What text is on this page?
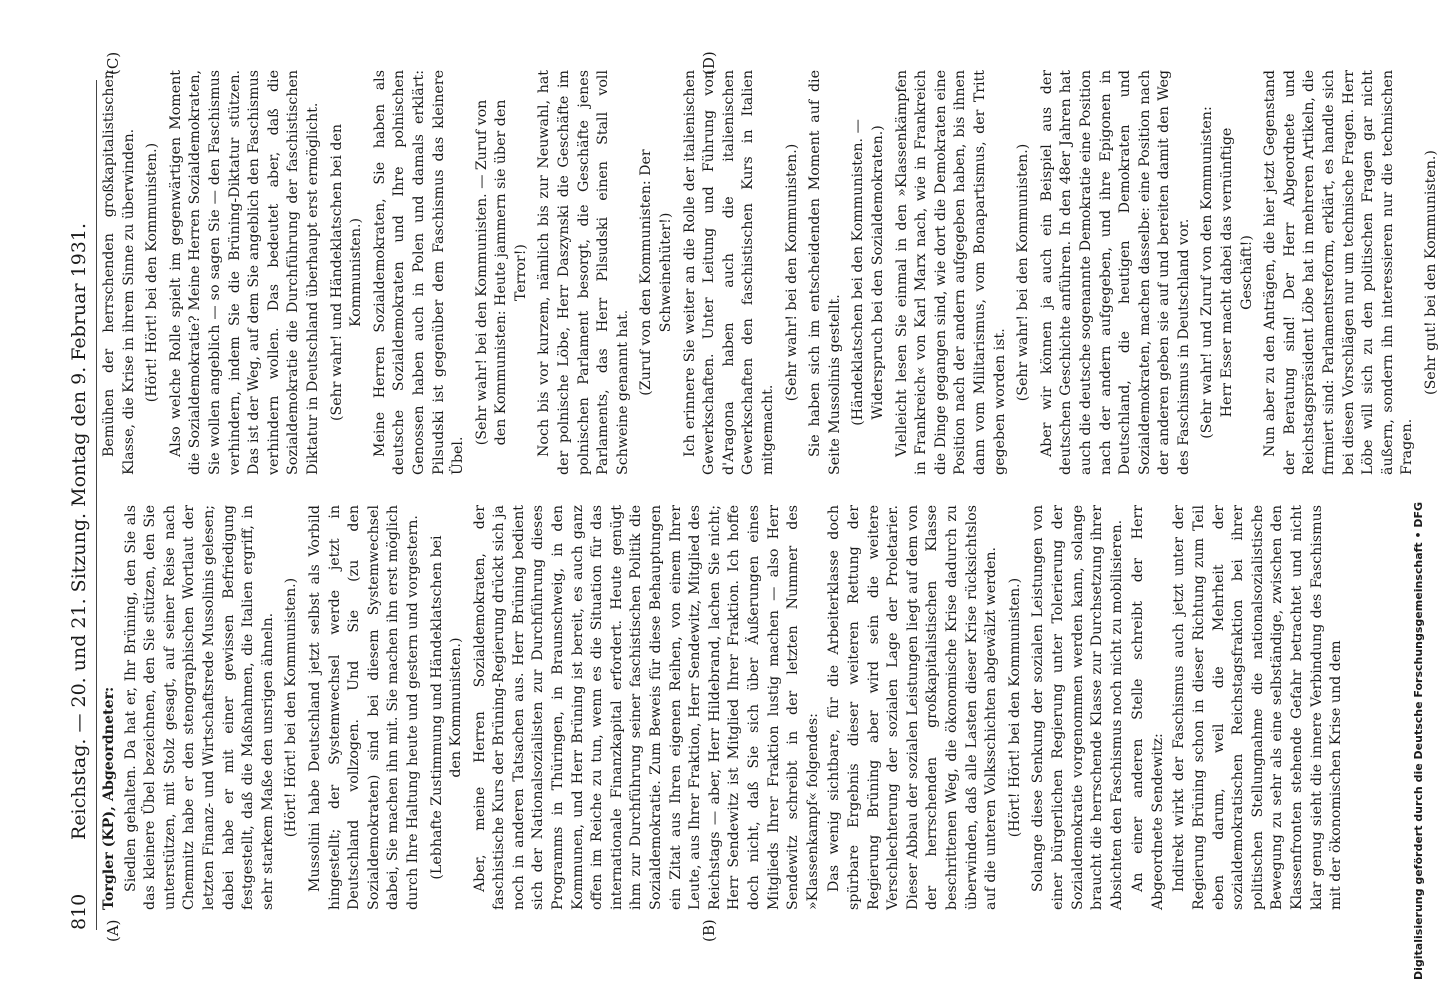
810
Reichstag. — 20. und 21. Sitzung. Montag den 9. Februar 1931.
(A)	(B)
(C)	(D)

Torgler (KP), Abgeordneter: Siedlen gehalten. Da hat er, Ihr Brüning, den Sie als das kleinere Übel bezeichnen, den Sie stützen, den Sie unterstützen, mit Stolz gesagt, auf seiner Reise nach Chemnitz habe er den stenographischen Wortlaut der letzten Finanz- und Wirtschaftsrede Mussolinis gelesen; dabei habe er mit einer gewissen Befriedigung festgestellt, daß die Maßnahmen, die Italien ergriff, in sehr starkem Maße den unsrigen ähneln. (Hört! Hört! bei den Kommunisten.) Mussolini habe Deutschland jetzt selbst als Vorbild hingestellt; der Systemwechsel werde jetzt in Deutschland vollzogen. Und Sie (zu den Sozialdemokraten) sind bei diesem Systemwechsel dabei, Sie machen ihn mit. Sie machen ihn erst möglich durch Ihre Haltung heute und gestern und vorgestern. (Lebhafte Zustimmung und Händeklatschen bei den Kommunisten.) Aber, meine Herren Sozialdemokraten, der faschistische Kurs der Brüning-Regierung drückt sich ja noch in anderen Tatsachen aus. Herr Brüning bedient sich der Nationalsozialisten zur Durchführung dieses Programms in Thüringen, in Braunschweig, in den Kommunen, und Herr Brüning ist bereit, es auch ganz offen im Reiche zu tun, wenn es die Situation für das internationale Finanzkapital erfordert. Heute genügt ihm zur Durchführung seiner faschistischen Politik die Sozialdemokratie. Zum Beweis für diese Behauptungen ein Zitat aus Ihren eigenen Reihen, von einem Ihrer Leute, aus Ihrer Fraktion, Herr Sendewitz, Mitglied des Reichstags — aber, Herr Hildebrand, lachen Sie nicht; Herr Sendewitz ist Mitglied Ihrer Fraktion. Ich hoffe doch nicht, daß Sie sich über Äußerungen eines Mitglieds Ihrer Fraktion lustig machen — also Herr Sendewitz schreibt in der letzten Nummer des »Klassenkampf« folgendes: Das wenig sichtbare, für die Arbeiterklasse doch spürbare Ergebnis dieser weiteren Rettung der Regierung Brüning aber wird sein die weitere Verschlechterung der sozialen Lage der Proletarier. Dieser Abbau der sozialen Leistungen liegt auf dem von der herrschenden großkapitalistischen Klasse beschrittenen Weg, die ökonomische Krise dadurch zu überwinden, daß alle Lasten dieser Krise rücksichtslos auf die unteren Volksschichten abgewälzt werden. (Hört! Hört! bei den Kommunisten.) Solange diese Senkung der sozialen Leistungen von einer bürgerlichen Regierung unter Tolerierung der Sozialdemokratie vorgenommen werden kann, solange braucht die herrschende Klasse zur Durchsetzung ihrer Absichten den Faschismus noch nicht zu mobilisieren. An einer anderen Stelle schreibt der Herr Abgeordnete Sendewitz: Indirekt wirkt der Faschismus auch jetzt unter der Regierung Brüning schon in dieser Richtung zum Teil eben darum, weil die Mehrheit der sozialdemokratischen Reichstagsfraktion bei ihrer politischen Stellungnahme die nationalsozialistische Bewegung zu sehr als eine selbständige, zwischen den Klassenfronten stehende Gefahr betrachtet und nicht klar genug sieht die innere Verbindung des Faschismus mit der ökonomischen Krise und dem

Bemühen der herrschenden großkapitalistischen Klasse, die Krise in ihrem Sinne zu überwinden. (Hört! Hört! bei den Kommunisten.) Also welche Rolle spielt im gegenwärtigen Moment die Sozialdemokratie? Meine Herren Sozialdemokraten, Sie wollen angeblich — so sagen Sie — den Faschismus verhindern, indem Sie die Brüning-Diktatur stützen. Das ist der Weg, auf dem Sie angeblich den Faschismus verhindern wollen. Das bedeutet aber, daß die Sozialdemokratie die Durchführung der faschistischen Diktatur in Deutschland überhaupt erst ermöglicht. (Sehr wahr! und Händeklatschen bei den Kommunisten.) Meine Herren Sozialdemokraten, Sie haben als deutsche Sozialdemokraten und Ihre polnischen Genossen haben auch in Polen und damals erklärt: Pilsudski ist gegenüber dem Faschismus das kleinere Übel.

(Sehr wahr! bei den Kommunisten. — Zuruf von den Kommunisten: Heute jammern sie über den Terror!) Noch bis vor kurzem, nämlich bis zur Neuwahl, hat der polnische Löbe, Herr Daszynski die Geschäfte im polnischen Parlament besorgt, die Geschäfte jenes Parlaments, das Herr Pilsudski einen Stall voll Schweine genannt hat. (Zuruf von den Kommunisten: Der Schweinehüter!) Ich erinnere Sie weiter an die Rolle der italienischen Gewerkschaften. Unter Leitung und Führung von d'Aragona haben auch die italienischen Gewerkschaften den faschistischen Kurs in Italien mitgemacht.

(Sehr wahr! bei den Kommunisten.) Sie haben sich im entscheidenden Moment auf die Seite Mussolinis gestellt. (Händeklatschen bei den Kommunisten. — Widerspruch bei den Sozialdemokraten.) Vielleicht lesen Sie einmal in den »Klassenkämpfen in Frankreich« von Karl Marx nach, wie in Frankreich die Dinge gegangen sind, wie dort die Demokraten eine Position nach der andern aufgegeben haben, bis ihnen dann vom Militarismus, vom Bonapartismus, der Tritt gegeben worden ist.

(Sehr wahr! bei den Kommunisten.) Aber wir können ja auch ein Beispiel aus der deutschen Geschichte anführen. In den 48er Jahren hat auch die deutsche sogenannte Demokratie eine Position nach der andern aufgegeben, und ihre Epigonen in Deutschland, die heutigen Demokraten und Sozialdemokraten, machen dasselbe: eine Position nach der anderen geben sie auf und bereiten damit den Weg des Faschismus in Deutschland vor. (Sehr wahr! und Zuruf von den Kommunisten: Herr Esser macht dabei das vernünftige Geschäft!) Nun aber zu den Anträgen, die hier jetzt Gegenstand der Beratung sind! Der Herr Abgeordnete und Reichstagspräsident Löbe hat in mehreren Artikeln, die firmiert sind: Parlamentsreform, erklärt, es handle sich bei diesen Vorschlägen nur um technische Fragen. Herr Löbe will sich zu den politischen Fragen gar nicht äußern, sondern ihn interessieren nur die technischen Fragen.

(Sehr gut! bei den Kommunisten.)

Digitalisierung gefördert durch die Deutsche Forschungsgemeinschaft • DFG
